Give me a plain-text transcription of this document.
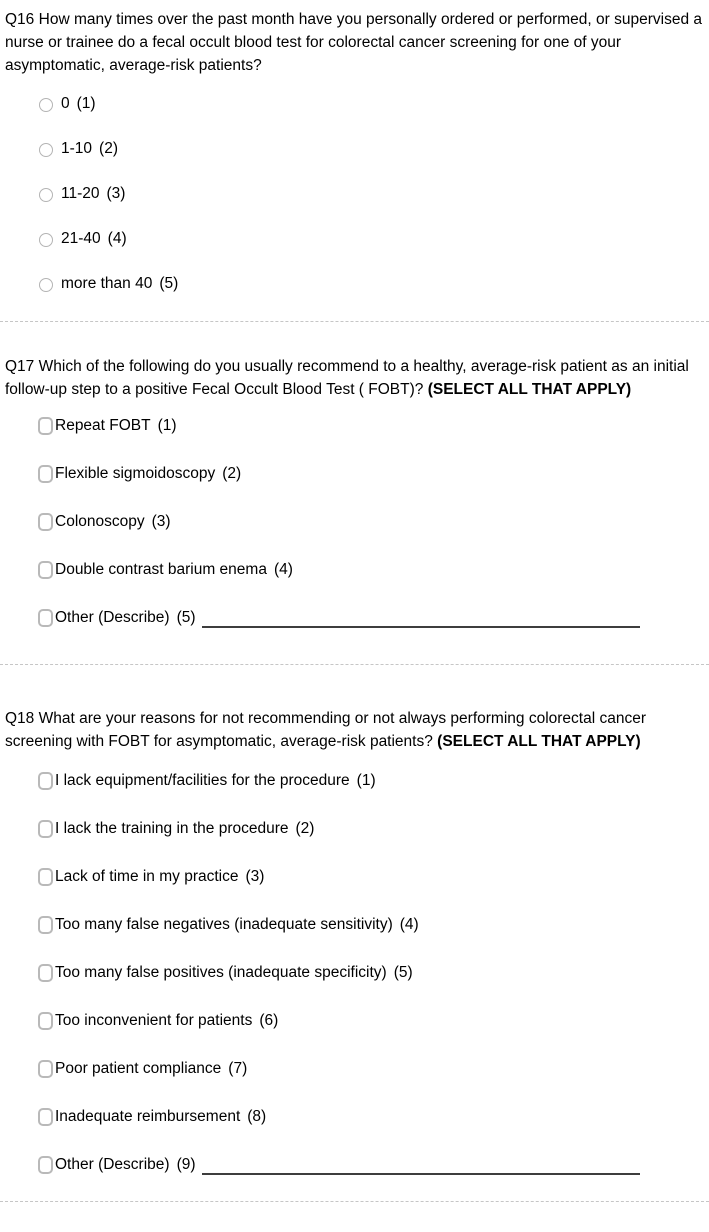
Q16 How many times over the past month have you personally ordered or performed, or supervised a nurse or trainee do a fecal occult blood test for colorectal cancer screening for one of your asymptomatic, average-risk patients?
0 (1)
1-10 (2)
11-20 (3)
21-40 (4)
more than 40 (5)
Q17 Which of the following do you usually recommend to a healthy, average-risk patient as an initial follow-up step to a positive Fecal Occult Blood Test ( FOBT)? (SELECT ALL THAT APPLY)
Repeat FOBT (1)
Flexible sigmoidoscopy (2)
Colonoscopy (3)
Double contrast barium enema (4)
Other (Describe) (5)
Q18 What are your reasons for not recommending or not always performing colorectal cancer screening with FOBT for asymptomatic, average-risk patients? (SELECT ALL THAT APPLY)
I lack equipment/facilities for the procedure (1)
I lack the training in the procedure (2)
Lack of time in my practice (3)
Too many false negatives (inadequate sensitivity) (4)
Too many false positives (inadequate specificity) (5)
Too inconvenient for patients (6)
Poor patient compliance (7)
Inadequate reimbursement (8)
Other (Describe) (9)
